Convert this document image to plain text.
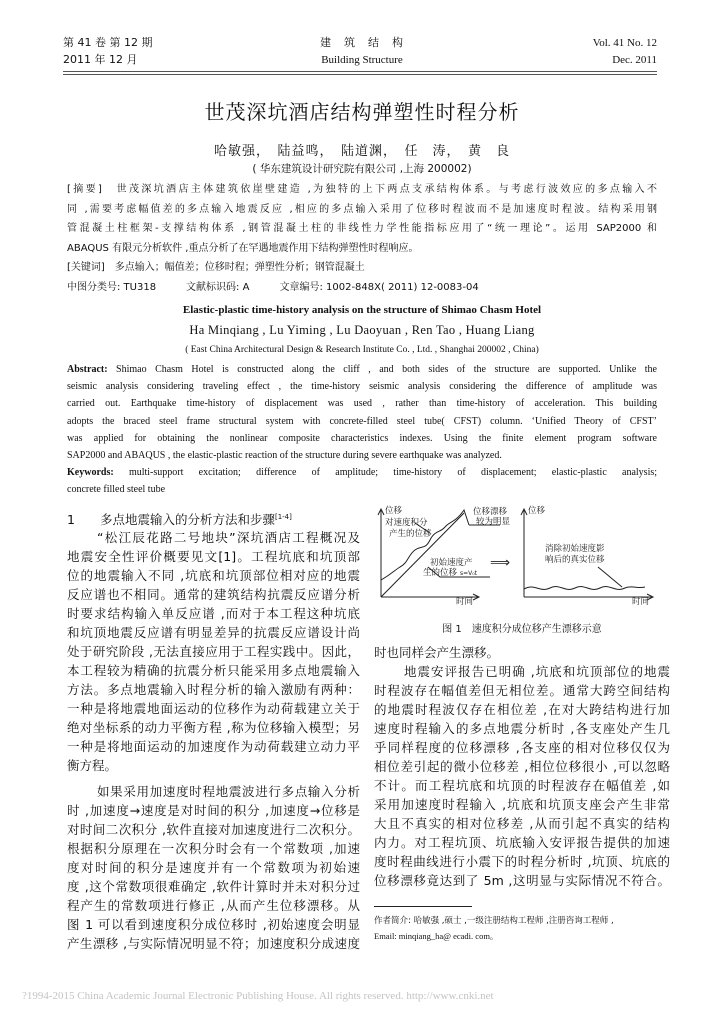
第 41 卷 第 12 期
2011 年 12 月
建　筑　结　构
Building Structure
Vol. 41 No. 12
Dec. 2011
世茂深坑酒店结构弹塑性时程分析
哈敏强，　陆益鸣，　陆道渊，　任　涛，　黄　良
( 华东建筑设计研究院有限公司 ,上海 200002)
[摘要]　世茂深坑酒店主体建筑依崖壁建造 ,为独特的上下两点支承结构体系。与考虑行波效应的多点输入不
同 ,需要考虑幅值差的多点输入地震反应 ,相应的多点输入采用了位移时程波而不是加速度时程波。结构采用钢
管混凝土柱框架-支撑结构体系 ,钢管混凝土柱的非线性力学性能指标应用了“统一理论”。运用 SAP2000 和
ABAQUS 有限元分析软件 ,重点分析了在罕遇地震作用下结构弹塑性时程响应。
[关键词]　多点输入；幅值差；位移时程；弹塑性分析；钢管混凝土
中图分类号: TU318　　　文献标识码: A　　　文章编号: 1002-848X( 2011) 12-0083-04
Elastic-plastic time-history analysis on the structure of Shimao Chasm Hotel
Ha Minqiang , Lu Yiming , Lu Daoyuan , Ren Tao , Huang Liang
( East China Architectural Design & Research Institute Co. , Ltd. , Shanghai 200002 , China)
Abstract: Shimao Chasm Hotel is constructed along the cliff , and both sides of the structure are supported. Unlike the
seismic analysis considering traveling effect , the time-history seismic analysis considering the difference of amplitude was
carried out. Earthquake time-history of displacement was used , rather than time-history of acceleration. This building
adopts the braced steel frame structural system with concrete-filled steel tube( CFST) column. ‘Unified Theory of CFST’
was applied for obtaining the nonlinear composite characteristics indexes. Using the finite element program software
SAP2000 and ABAQUS , the elastic-plastic reaction of the structure during severe earthquake was analyzed.
Keywords: multi-support excitation; difference of amplitude; time-history of displacement; elastic-plastic analysis;
concrete filled steel tube
1　　多点地震输入的分析方法和步骤[1-4]
“松江辰花路二号地块”深坑酒店工程概况及
地震安全性评价概要见文[1]。工程坑底和坑顶部
位的地震输入不同 ,坑底和坑顶部位相对应的地震
反应谱也不相同。通常的建筑结构抗震反应谱分析
时要求结构输入单反应谱 ,而对于本工程这种坑底
和坑顶地震反应谱有明显差异的抗震反应谱设计尚
处于研究阶段 ,无法直接应用于工程实践中。因此，
本工程较为精确的抗震分析只能采用多点地震输入
方法。多点地震输入时程分析的输入激励有两种：
一种是将地震地面运动的位移作为动荷载建立关于
绝对坐标系的动力平衡方程 ,称为位移输入模型；另
一种是将地面运动的加速度作为动荷载建立动力平
衡方程。
如果采用加速度时程地震波进行多点输入分析
时 ,加速度→速度是对时间的积分 ,加速度→位移是
对时间二次积分 ,软件直接对加速度进行二次积分。
根据积分原理在一次积分时会有一个常数项 ,加速
度对时间的积分是速度并有一个常数项为初始速
度 ,这个常数项很难确定 ,软件计算时并未对积分过
程产生的常数项进行修正 ,从而产生位移漂移。从
图 1 可以看到速度积分成位移时 ,初始速度会明显
产生漂移 ,与实际情况明显不符；加速度积分成速度
时也同样会产生漂移。
地震安评报告已明确 ,坑底和坑顶部位的地震
时程波存在幅值差但无相位差。通常大跨空间结构
的地震时程波仅存在相位差 ,在对大跨结构进行加
速度时程输入的多点地震分析时 ,各支座处产生几
乎同样程度的位移漂移 ,各支座的相对位移仅仅为
相位差引起的微小位移差 ,相位位移很小 ,可以忽略
不计。而工程坑底和坑顶的时程波存在幅值差 ,如
采用加速度时程输入 ,坑底和坑顶支座会产生非常
大且不真实的相对位移差 ,从而引起不真实的结构
内力。对工程坑顶、坑底输入安评报告提供的加速
度时程曲线进行小震下的时程分析时 ,坑顶、坑底的
位移漂移竟达到了 5m ,这明显与实际情况不符合。
位移
时间
对速度积分
产生的位移
位移漂移
较为明显
初始速度产
生的位移 s=V₀t
⟹
位移
时间
消除初始速度影
响后的真实位移
图 1　速度积分成位移产生漂移示意
作者简介: 哈敏强 ,硕士 ,一级注册结构工程师 ,注册咨询工程师 ,
Email: minqiang_ha@ ecadi. com。
?1994-2015 China Academic Journal Electronic Publishing House. All rights reserved. http://www.cnki.net
